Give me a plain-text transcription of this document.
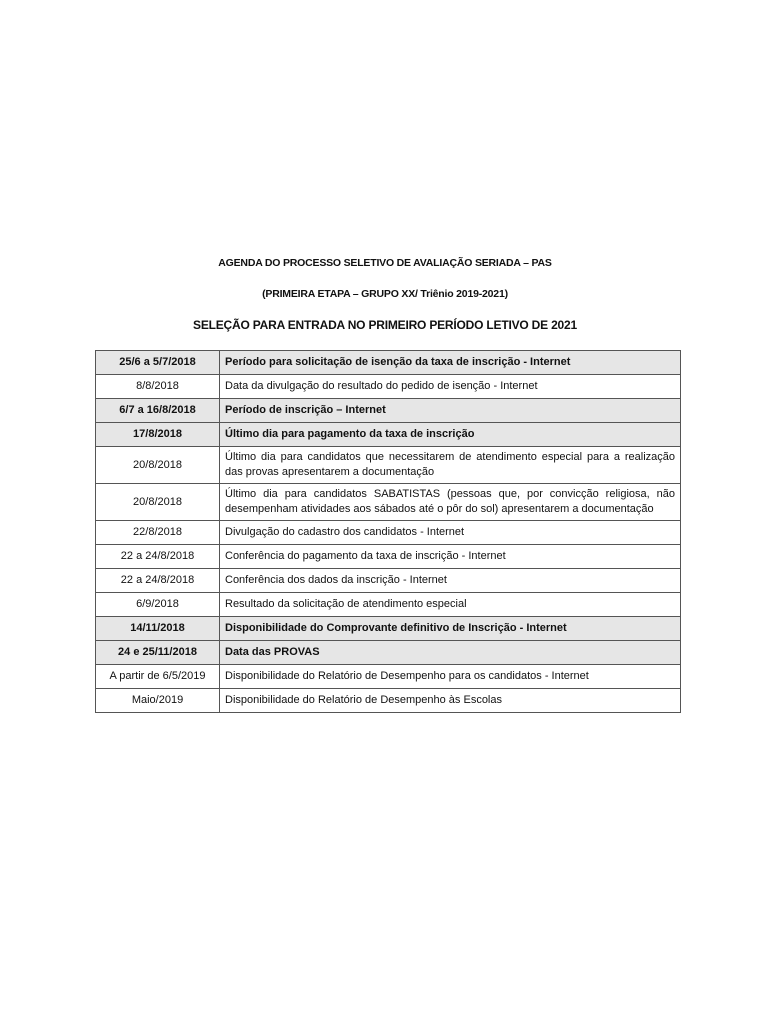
AGENDA DO PROCESSO SELETIVO DE AVALIAÇÃO SERIADA – PAS
(PRIMEIRA ETAPA – GRUPO XX/ Triênio 2019-2021)
SELEÇÃO PARA ENTRADA NO PRIMEIRO PERÍODO LETIVO DE 2021
25/6 a 5/7/2018	Período para solicitação de isenção da taxa de inscrição - Internet
8/8/2018	Data da divulgação do resultado do pedido de isenção - Internet
6/7 a 16/8/2018	Período de inscrição – Internet
17/8/2018	Último dia para pagamento da taxa de inscrição
20/8/2018	Último dia para candidatos que necessitarem de atendimento especial para a realização das provas apresentarem a documentação
20/8/2018	Último dia para candidatos SABATISTAS (pessoas que, por convicção religiosa, não desempenham atividades aos sábados até o pôr do sol) apresentarem a documentação
22/8/2018	Divulgação do cadastro dos candidatos - Internet
22 a 24/8/2018	Conferência do pagamento da taxa de inscrição - Internet
22 a 24/8/2018	Conferência dos dados da inscrição - Internet
6/9/2018	Resultado da solicitação de atendimento especial
14/11/2018	Disponibilidade do Comprovante definitivo de Inscrição - Internet
24 e 25/11/2018	Data das PROVAS
A partir de 6/5/2019	Disponibilidade do Relatório de Desempenho para os candidatos - Internet
Maio/2019	Disponibilidade do Relatório de Desempenho às Escolas
